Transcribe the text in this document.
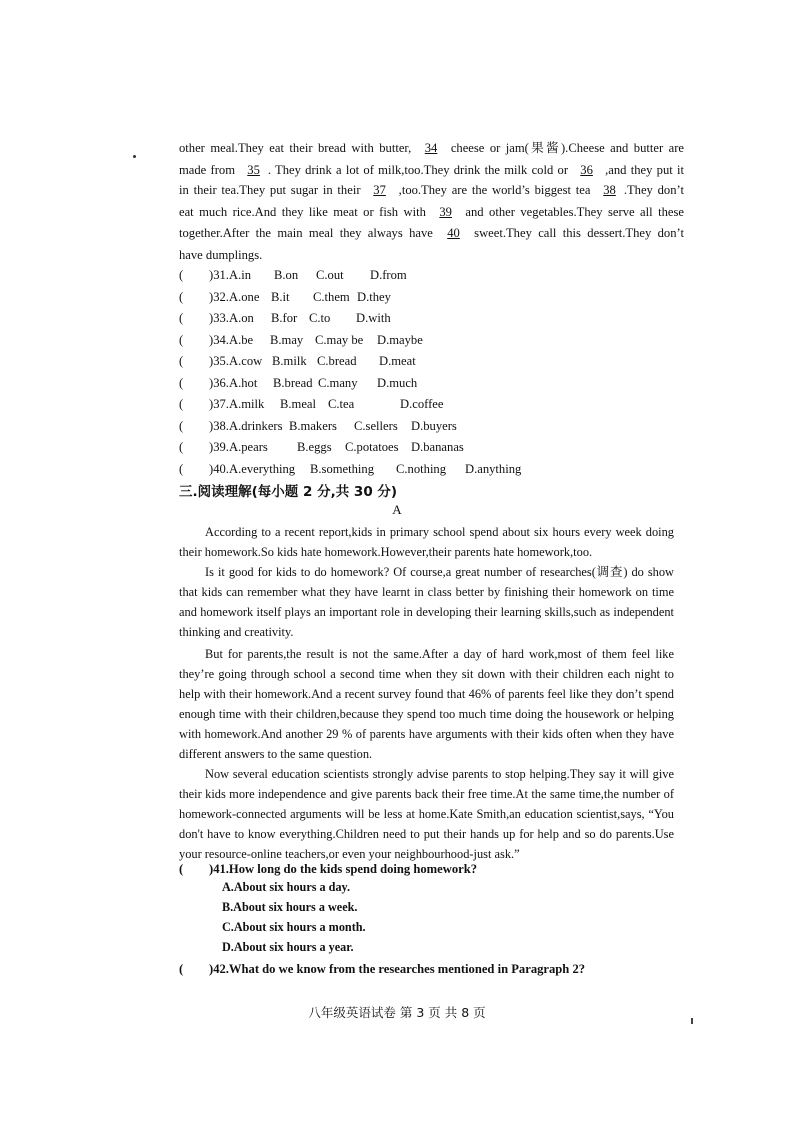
other meal.They eat their bread with butter, 34 cheese or jam(果酱).Cheese and butter are
made from 35 . They drink a lot of milk,too.They drink the milk cold or 36 ,and they put it
in their tea.They put sugar in their 37 ,too.They are the world’s biggest tea 38 .They don’t
eat much rice.And they like meat or fish with 39 and other vegetables.They serve all these
together.After the main meal they always have 40 sweet.They call this dessert.They don’t
have dumplings.
( )31. A.in B.on C.out D.from
( )32. A.one B.it C.them D.they
( )33. A.on B.for C.to D.with
( )34. A.be B.may C.may be D.maybe
( )35. A.cow B.milk C.bread D.meat
( )36. A.hot B.bread C.many D.much
( )37. A.milk B.meal C.tea	D.coffee
( )38. A.drinkers B.makers C.sellers D.buyers
( )39. A.pears B.eggs C.potatoes D.bananas
( )40. A.everything B.something C.nothing D.anything
三.阅读理解(每小题 2 分,共 30 分)
A
According to a recent report,kids in primary school spend about six hours every week doing their homework.So kids hate homework.However,their parents hate homework,too.
Is it good for kids to do homework? Of course,a great number of researches(调查) do show that kids can remember what they have learnt in class better by finishing their homework on time and homework itself plays an important role in developing their learning skills,such as independent thinking and creativity.
But for parents,the result is not the same.After a day of hard work,most of them feel like they’re going through school a second time when they sit down with their children each night to help with their homework.And a recent survey found that 46% of parents feel like they don’t spend enough time with their children,because they spend too much time doing the housework or helping with homework.And another 29 % of parents have arguments with their kids often when they have different answers to the same question.
Now several education scientists strongly advise parents to stop helping.They say it will give their kids more independence and give parents back their free time.At the same time,the number of homework-connected arguments will be less at home.Kate Smith,an education scientist,says, “You don't have to know everything.Children need to put their hands up for help and so do parents.Use your resource-online teachers,or even your neighbourhood-just ask.”
( )41.How long do the kids spend doing homework?
A.About six hours a day.
B.About six hours a week.
C.About six hours a month.
D.About six hours a year.
( )42.What do we know from the researches mentioned in Paragraph 2?
八年级英语试卷 第 3 页 共 8 页
